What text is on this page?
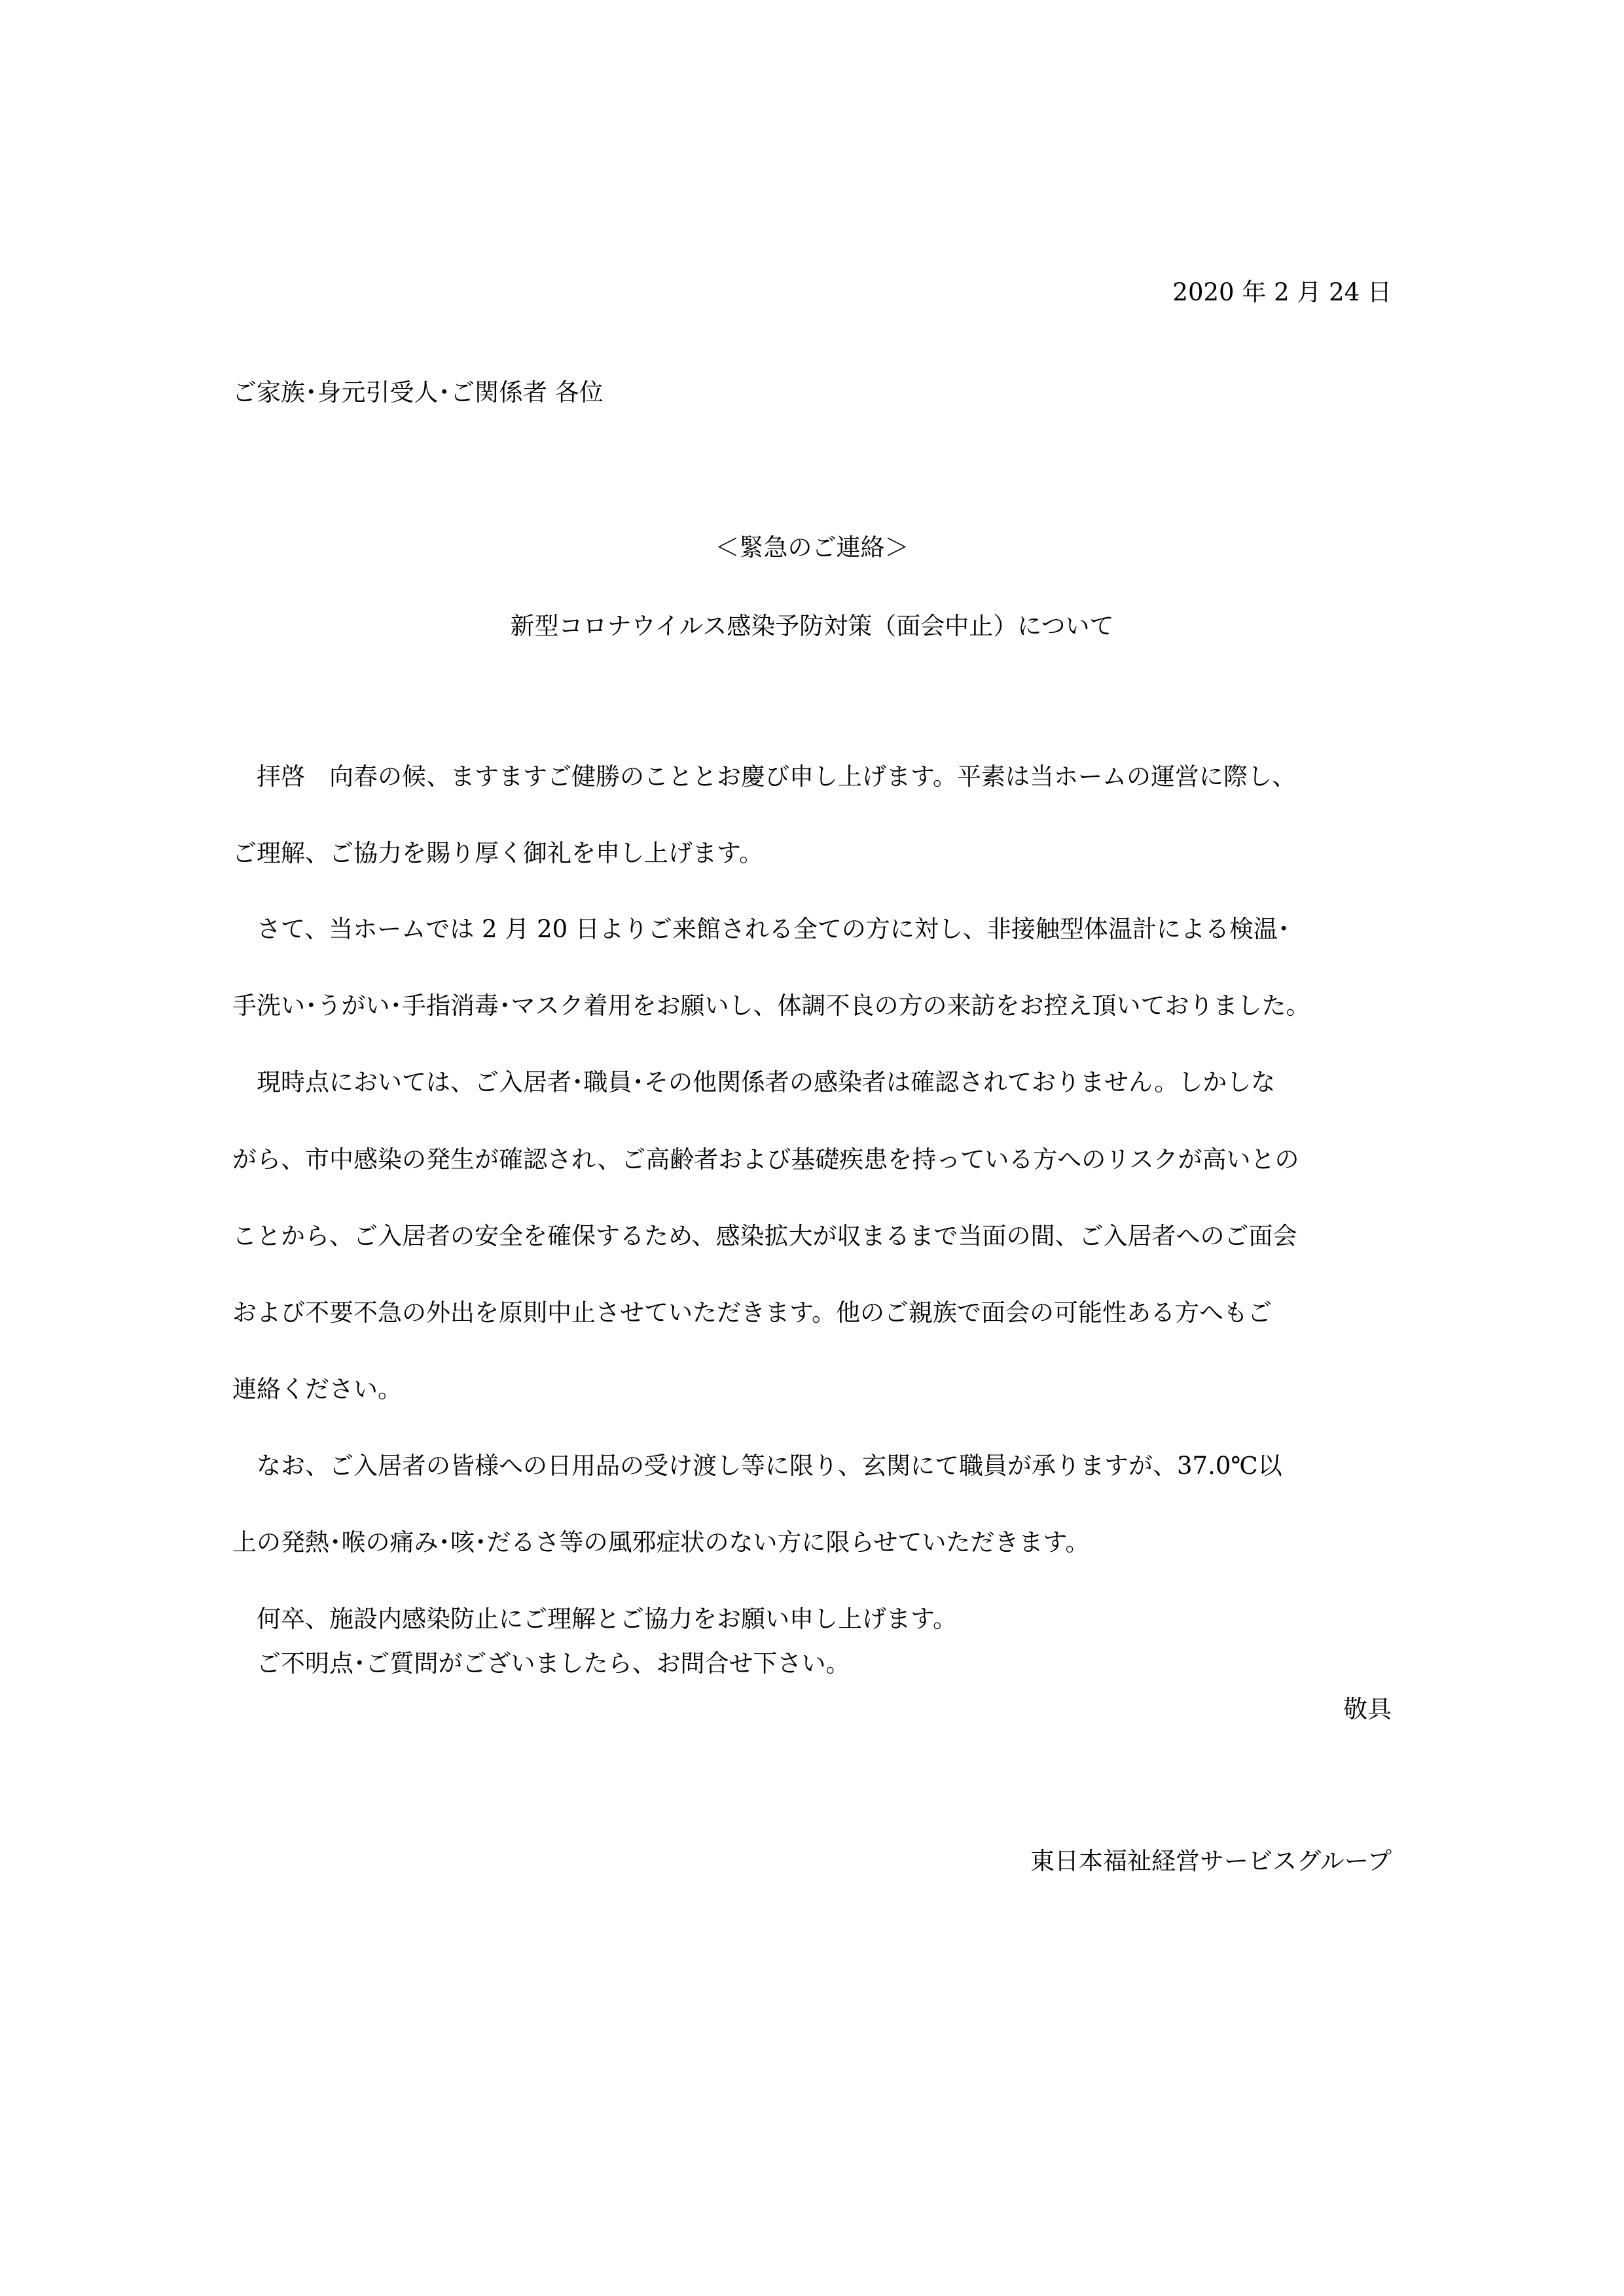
2020 年 2 月 24 日
ご家族･身元引受人･ご関係者 各位
＜緊急のご連絡＞
新型コロナウイルス感染予防対策（面会中止）について
　拝啓　向春の候、ますますご健勝のこととお慶び申し上げます。平素は当ホームの運営に際し、
ご理解、ご協力を賜り厚く御礼を申し上げます。
　さて、当ホームでは 2 月 20 日よりご来館される全ての方に対し、非接触型体温計による検温･
手洗い･うがい･手指消毒･マスク着用をお願いし、体調不良の方の来訪をお控え頂いておりました。
　現時点においては、ご入居者･職員･その他関係者の感染者は確認されておりません。しかしな
がら、市中感染の発生が確認され、ご高齢者および基礎疾患を持っている方へのリスクが高いとの
ことから、ご入居者の安全を確保するため、感染拡大が収まるまで当面の間、ご入居者へのご面会
および不要不急の外出を原則中止させていただきます。他のご親族で面会の可能性ある方へもご
連絡ください。
　なお、ご入居者の皆様への日用品の受け渡し等に限り、玄関にて職員が承りますが、37.0℃以
上の発熱･喉の痛み･咳･だるさ等の風邪症状のない方に限らせていただきます。
　何卒、施設内感染防止にご理解とご協力をお願い申し上げます。
　ご不明点･ご質問がございましたら、お問合せ下さい。
敬具
東日本福祉経営サービスグループ
